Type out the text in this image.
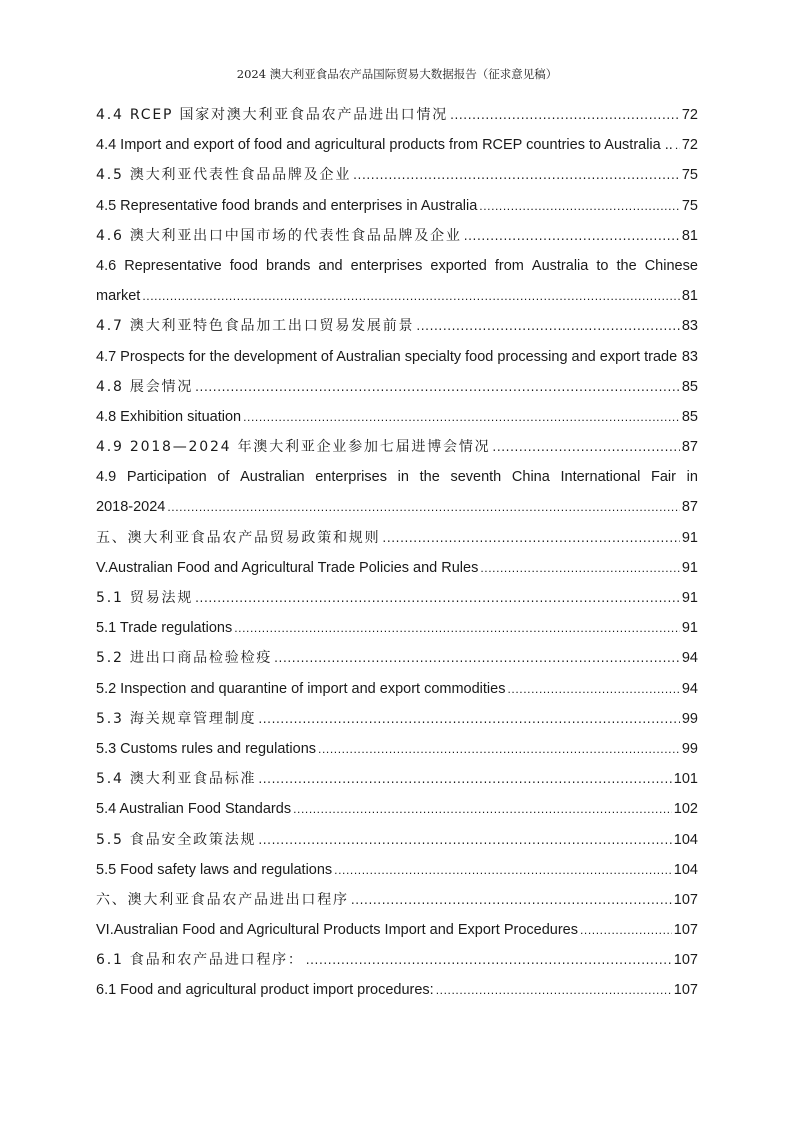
2024 澳大利亚食品农产品国际贸易大数据报告（征求意见稿）
4.4 RCEP 国家对澳大利亚食品农产品进出口情况 .....	72
4.4 Import and export of food and agricultural products from RCEP countries to Australia .. ..... 72
4.5 澳大利亚代表性食品品牌及企业 .....	75
4.5 Representative food brands and enterprises in Australia .....	75
4.6 澳大利亚出口中国市场的代表性食品品牌及企业 .....	81
4.6 Representative food brands and enterprises exported from Australia to the Chinese
market .....	81
4.7 澳大利亚特色食品加工出口贸易发展前景 .....	83
4.7 Prospects for the development of Australian specialty food processing and export trade ..... 83
4.8 展会情况 .....	85
4.8 Exhibition situation .....	85
4.9 2018—2024 年澳大利亚企业参加七届进博会情况 .....	87
4.9 Participation of Australian enterprises in the seventh China International Fair in
2018-2024 .....	87
五、澳大利亚食品农产品贸易政策和规则 .....	91
V.Australian Food and Agricultural Trade Policies and Rules .....	91
5.1 贸易法规 .....	91
5.1 Trade regulations .....	91
5.2 进出口商品检验检疫 .....	94
5.2 Inspection and quarantine of import and export commodities .....	94
5.3 海关规章管理制度 .....	99
5.3 Customs rules and regulations .....	99
5.4 澳大利亚食品标准 .....	101
5.4 Australian Food Standards .....	102
5.5 食品安全政策法规 .....	104
5.5 Food safety laws and regulations .....	104
六、澳大利亚食品农产品进出口程序 .....	107
VI.Australian Food and Agricultural Products Import and Export Procedures .....	107
6.1 食品和农产品进口程序： .....	107
6.1 Food and agricultural product import procedures: .....	107
